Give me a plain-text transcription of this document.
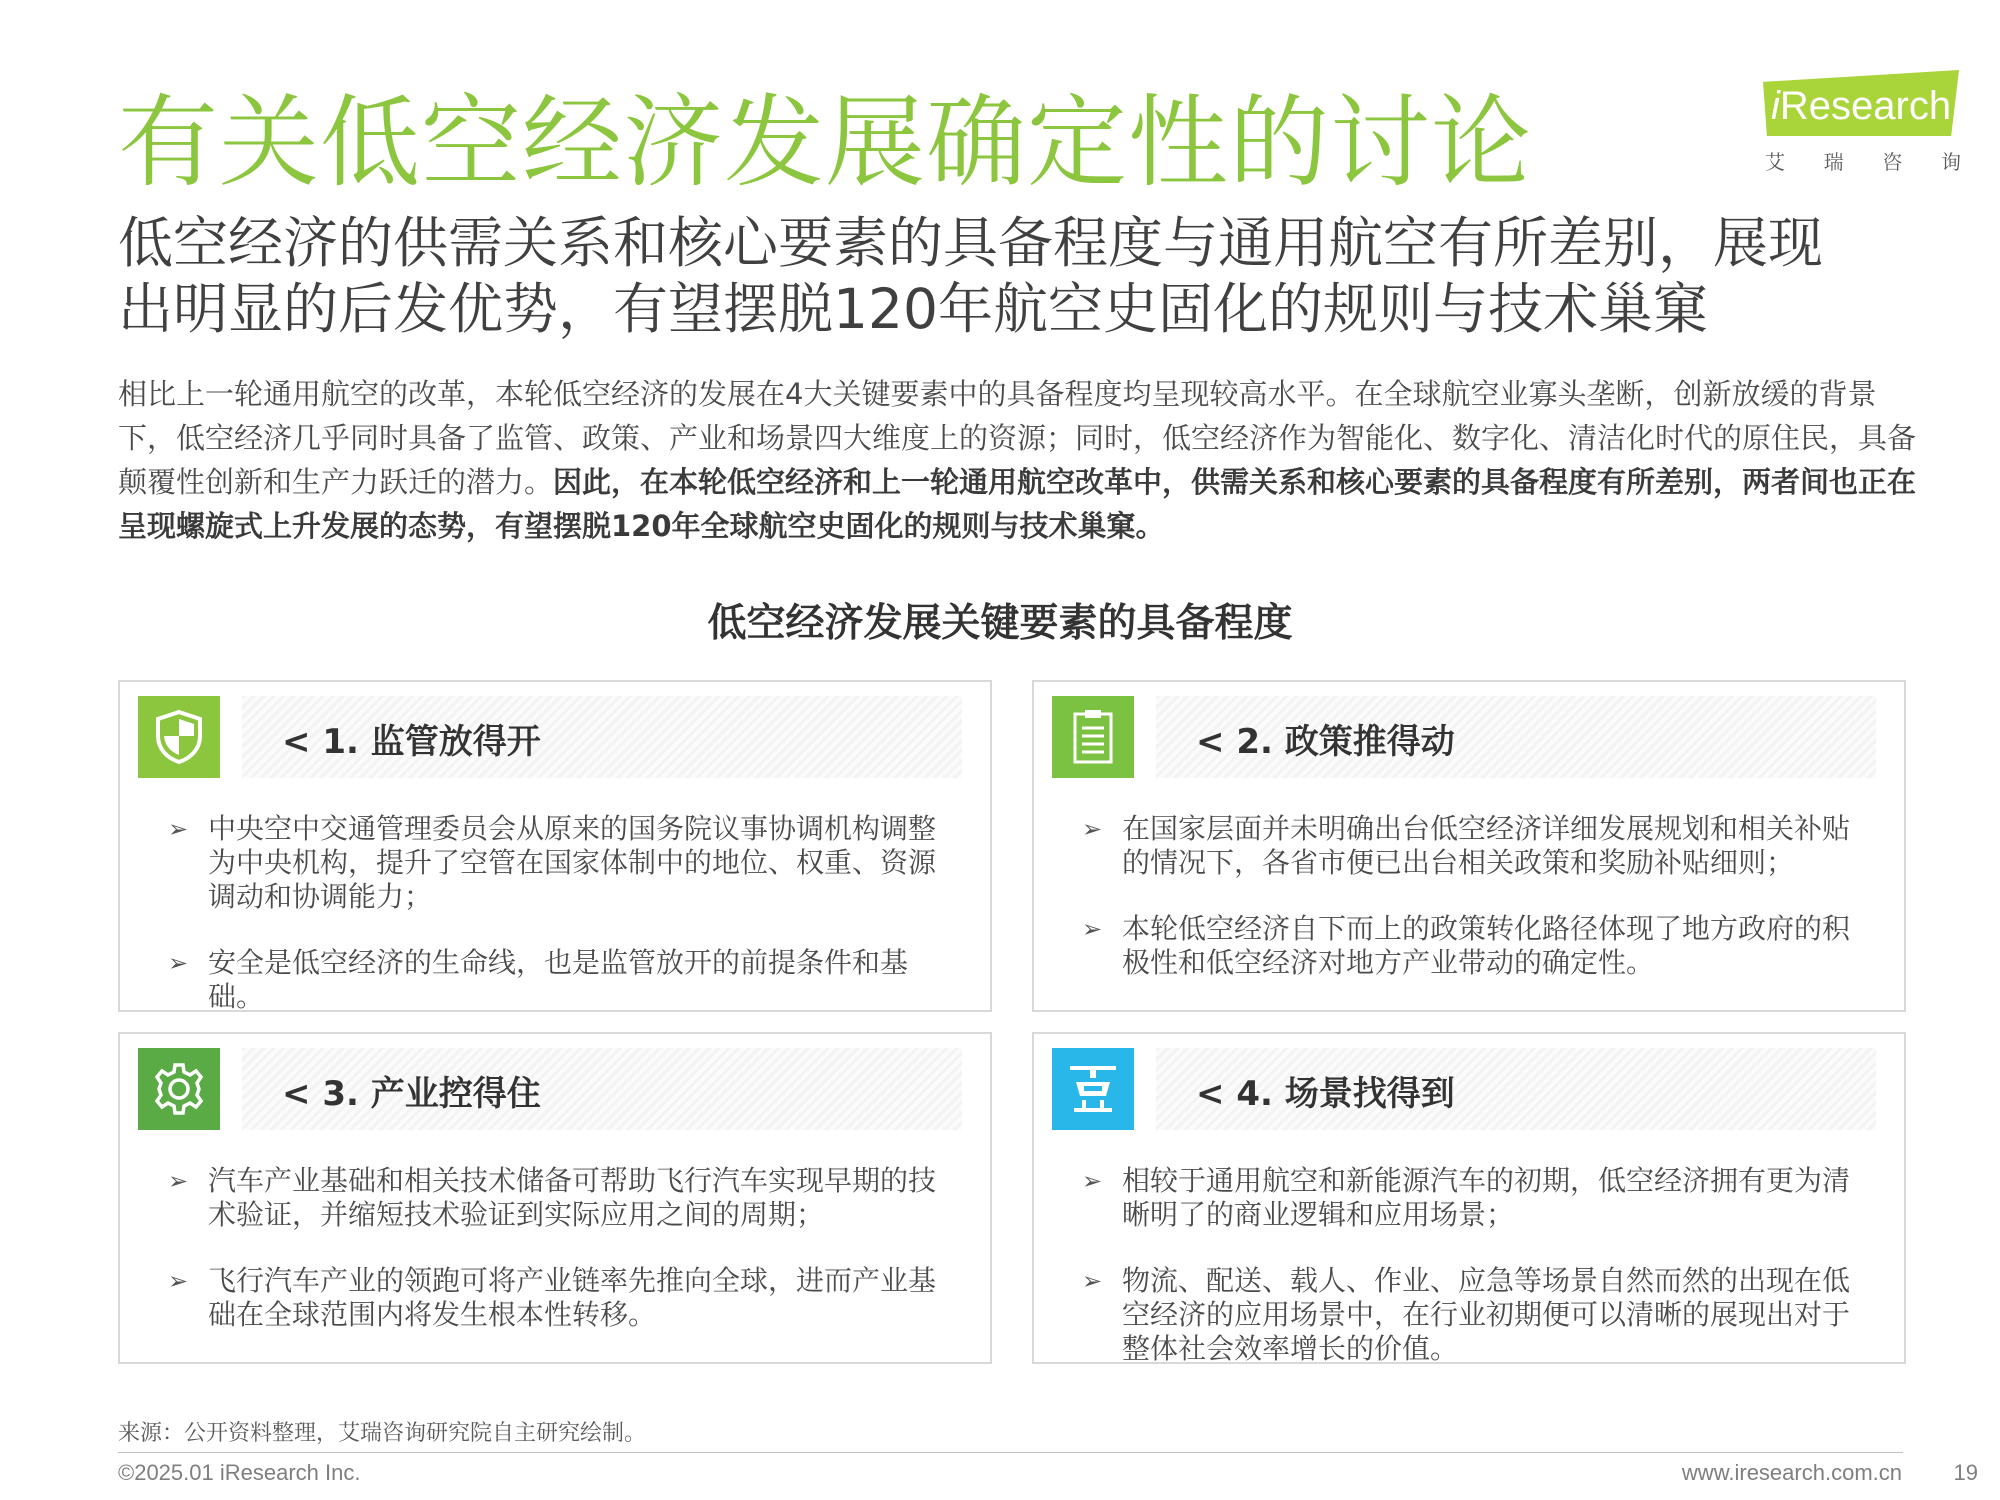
有关低空经济发展确定性的讨论	iResearch
艾 瑞 咨 询
低空经济的供需关系和核心要素的具备程度与通用航空有所差别，展现
出明显的后发优势，有望摆脱120年航空史固化的规则与技术巢窠
相比上一轮通用航空的改革，本轮低空经济的发展在4大关键要素中的具备程度均呈现较高水平。在全球航空业寡头垄断，创新放缓的背景下，低空经济几乎同时具备了监管、政策、产业和场景四大维度上的资源；同时，低空经济作为智能化、数字化、清洁化时代的原住民，具备颠覆性创新和生产力跃迁的潜力。因此，在本轮低空经济和上一轮通用航空改革中，供需关系和核心要素的具备程度有所差别，两者间也正在呈现螺旋式上升发展的态势，有望摆脱120年全球航空史固化的规则与技术巢窠。
低空经济发展关键要素的具备程度
< 1. 监管放得开
➢ 中央空中交通管理委员会从原来的国务院议事协调机构调整为中央机构，提升了空管在国家体制中的地位、权重、资源调动和协调能力；
➢ 安全是低空经济的生命线，也是监管放开的前提条件和基础。
< 2. 政策推得动
➢ 在国家层面并未明确出台低空经济详细发展规划和相关补贴的情况下，各省市便已出台相关政策和奖励补贴细则；
➢ 本轮低空经济自下而上的政策转化路径体现了地方政府的积极性和低空经济对地方产业带动的确定性。
< 3. 产业控得住
➢ 汽车产业基础和相关技术储备可帮助飞行汽车实现早期的技术验证，并缩短技术验证到实际应用之间的周期；
➢ 飞行汽车产业的领跑可将产业链率先推向全球，进而产业基础在全球范围内将发生根本性转移。
< 4. 场景找得到
➢ 相较于通用航空和新能源汽车的初期，低空经济拥有更为清晰明了的商业逻辑和应用场景；
➢ 物流、配送、载人、作业、应急等场景自然而然的出现在低空经济的应用场景中，在行业初期便可以清晰的展现出对于整体社会效率增长的价值。
来源：公开资料整理，艾瑞咨询研究院自主研究绘制。
©2025.01 iResearch Inc.	www.iresearch.com.cn 19
